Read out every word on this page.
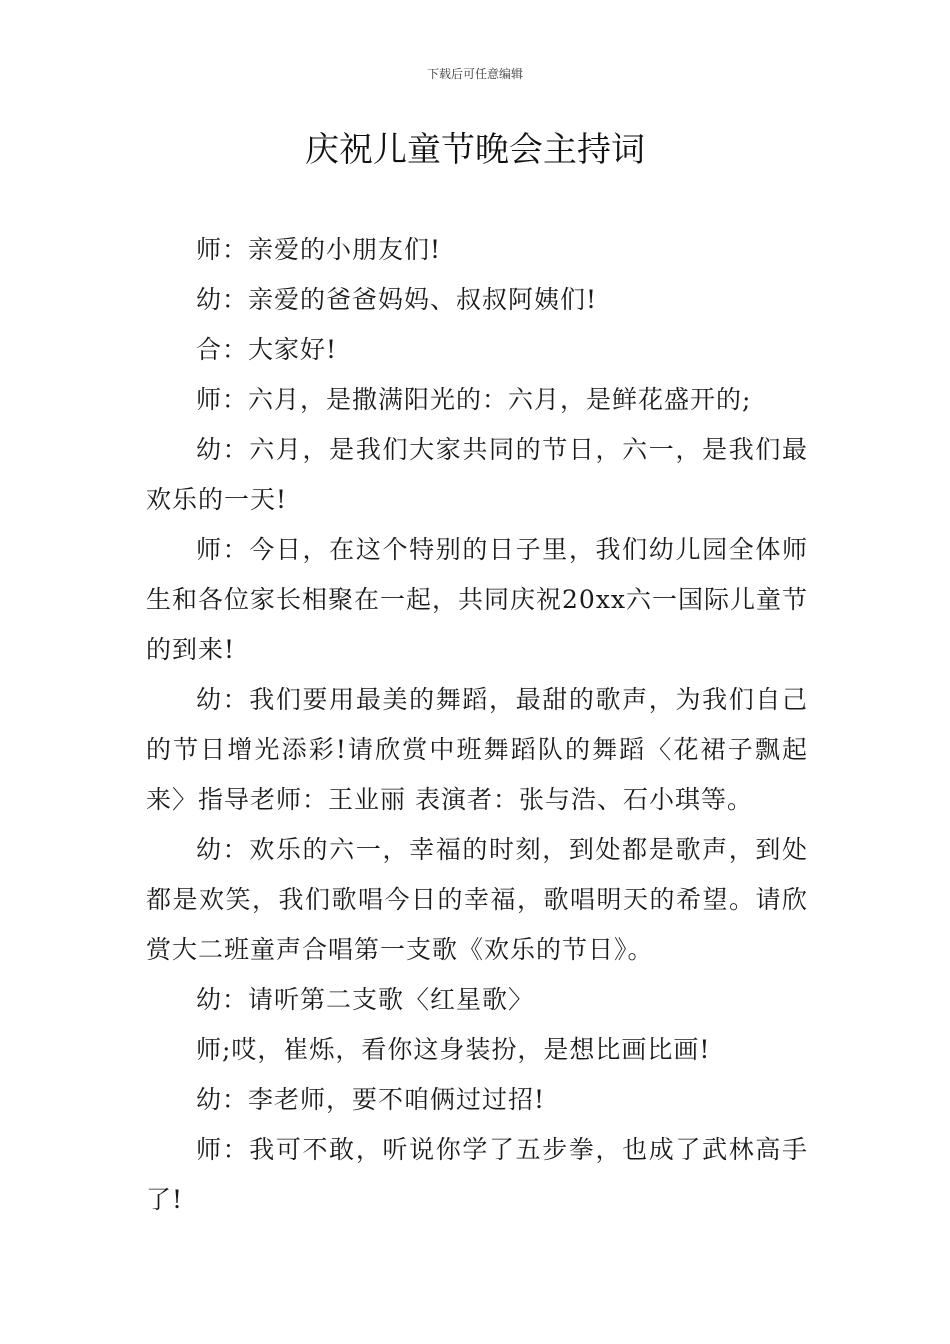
下载后可任意编辑
庆祝儿童节晚会主持词

师：亲爱的小朋友们!

幼：亲爱的爸爸妈妈、叔叔阿姨们!

合：大家好!

师：六月，是撒满阳光的：六月，是鲜花盛开的;

幼：六月，是我们大家共同的节日，六一，是我们最欢乐的一天!

师：今日，在这个特别的日子里，我们幼儿园全体师生和各位家长相聚在一起，共同庆祝20xx六一国际儿童节的到来!

幼：我们要用最美的舞蹈，最甜的歌声，为我们自己的节日增光添彩!请欣赏中班舞蹈队的舞蹈〈花裙子飘起来〉指导老师：王业丽 表演者：张与浩、石小琪等。

幼：欢乐的六一，幸福的时刻，到处都是歌声，到处都是欢笑，我们歌唱今日的幸福，歌唱明天的希望。请欣赏大二班童声合唱第一支歌《欢乐的节日》。

幼：请听第二支歌〈红星歌〉

师;哎，崔烁，看你这身装扮，是想比画比画!

幼：李老师，要不咱俩过过招!

师：我可不敢，听说你学了五步拳，也成了武林高手了!
